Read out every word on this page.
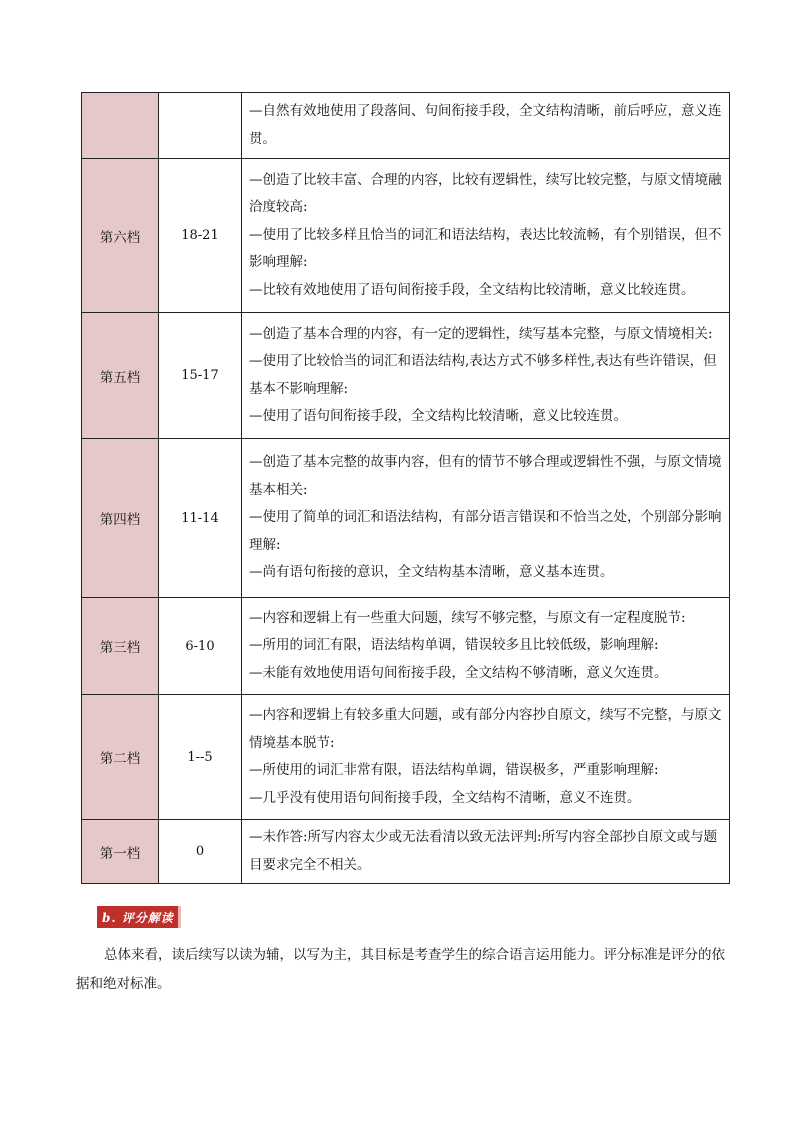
		—自然有效地使用了段落间、句间衔接手段，全文结构清晰，前后呼应，意义连贯。

第六档	18-21	—创造了比较丰富、合理的内容，比较有逻辑性，续写比较完整，与原文情境融洽度较高:
—使用了比较多样且恰当的词汇和语法结构，表达比较流畅，有个别错误，但不影响理解:
—比较有效地使用了语句间衔接手段，全文结构比较清晰，意义比较连贯。

第五档	15-17	—创造了基本合理的内容，有一定的逻辑性，续写基本完整，与原文情境相关:
—使用了比较恰当的词汇和语法结构,表达方式不够多样性,表达有些许错误，但基本不影响理解:
—使用了语句间衔接手段，全文结构比较清晰，意义比较连贯。

第四档	11-14	—创造了基本完整的故事内容，但有的情节不够合理或逻辑性不强，与原文情境基本相关:
—使用了简单的词汇和语法结构，有部分语言错误和不恰当之处，个别部分影响理解:
—尚有语句衔接的意识，全文结构基本清晰，意义基本连贯。

第三档	6-10	—内容和逻辑上有一些重大问题，续写不够完整，与原文有一定程度脱节:
—所用的词汇有限，语法结构单调，错误较多且比较低级，影响理解:
—未能有效地使用语句间衔接手段，全文结构不够清晰，意义欠连贯。

第二档	1--5	—内容和逻辑上有较多重大问题，或有部分内容抄自原文，续写不完整，与原文情境基本脱节:
—所使用的词汇非常有限，语法结构单调，错误极多，严重影响理解:
—几乎没有使用语句间衔接手段，全文结构不清晰，意义不连贯。

第一档	0	—未作答:所写内容太少或无法看清以致无法评判:所写内容全部抄自原文或与题目要求完全不相关。
b. 评分解读

总体来看，读后续写以读为辅，以写为主，其目标是考查学生的综合语言运用能力。评分标准是评分的依据和绝对标准。
